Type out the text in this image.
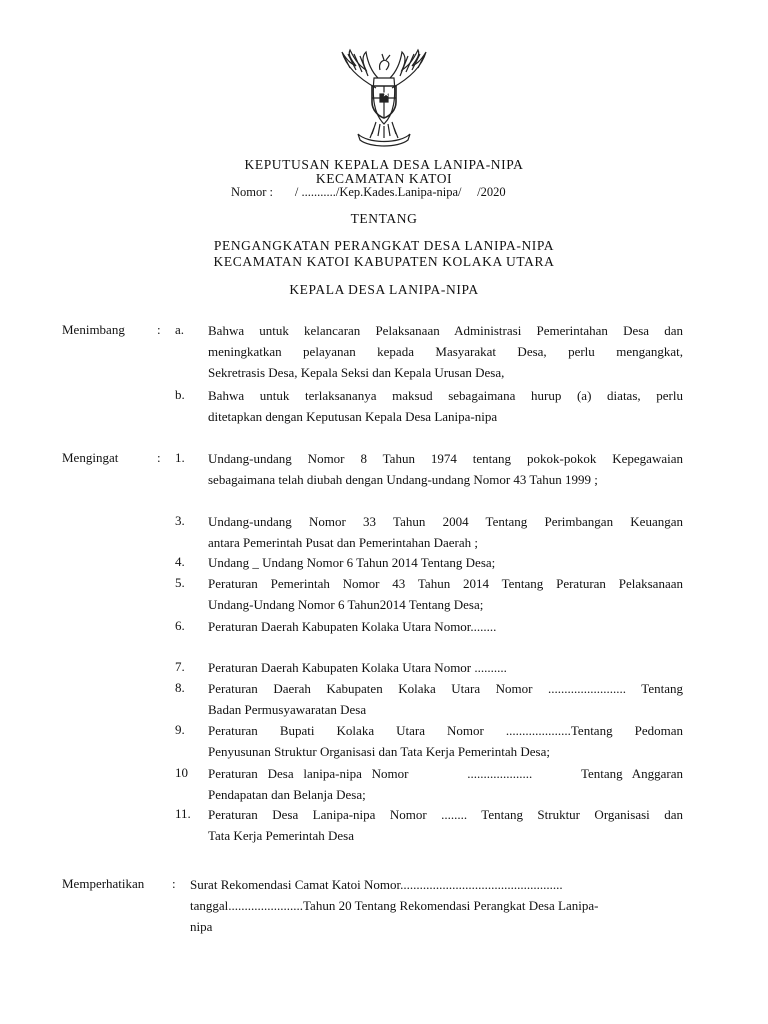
KEPUTUSAN KEPALA DESA LANIPA-NIPA
KECAMATAN KATOI
Nomor :       / .........../Kep.Kades.Lanipa-nipa/     /2020
TENTANG
PENGANGKATAN PERANGKAT DESA LANIPA-NIPA
KECAMATAN KATOI KABUPATEN KOLAKA UTARA
KEPALA DESA LANIPA-NIPA
Menimbang : a. Bahwa untuk kelancaran Pelaksanaan Administrasi Pemerintahan Desa dan
meningkatkan pelayanan kepada Masyarakat Desa, perlu mengangkat,
Sekretrasis Desa, Kepala Seksi dan Kepala Urusan Desa,
b. Bahwa untuk terlaksananya maksud sebagaimana hurup (a) diatas, perlu
ditetapkan dengan Keputusan Kepala Desa Lanipa-nipa
Mengingat	: 1. Undang-undang Nomor 8 Tahun 1974 tentang pokok-pokok Kepegawaian
sebagaimana telah diubah dengan Undang-undang Nomor 43 Tahun 1999 ;
3. Undang-undang Nomor 33 Tahun 2004 Tentang Perimbangan Keuangan
antara Pemerintah Pusat dan Pemerintahan Daerah ;
4. Undang _ Undang Nomor 6 Tahun 2014 Tentang Desa;
5. Peraturan Pemerintah Nomor 43 Tahun 2014 Tentang Peraturan Pelaksanaan
Undang-Undang Nomor 6 Tahun2014 Tentang Desa;
6. Peraturan Daerah Kabupaten Kolaka Utara Nomor........
7. Peraturan Daerah Kabupaten Kolaka Utara Nomor ..........
8. Peraturan Daerah Kabupaten Kolaka Utara Nomor ........................ Tentang
Badan Permusyawaratan Desa
9. Peraturan Bupati Kolaka Utara Nomor ....................Tentang Pedoman
Penyusunan Struktur Organisasi dan Tata Kerja Pemerintah Desa;
10 Peraturan Desa lanipa-nipa Nomor      ....................     Tentang Anggaran
Pendapatan dan Belanja Desa;
11. Peraturan Desa Lanipa-nipa Nomor ........ Tentang Struktur Organisasi dan
Tata Kerja Pemerintah Desa
Memperhatikan : Surat Rekomendasi Camat Katoi Nomor..................................................
tanggal.......................Tahun 20 Tentang Rekomendasi Perangkat Desa Lanipa-
nipa
